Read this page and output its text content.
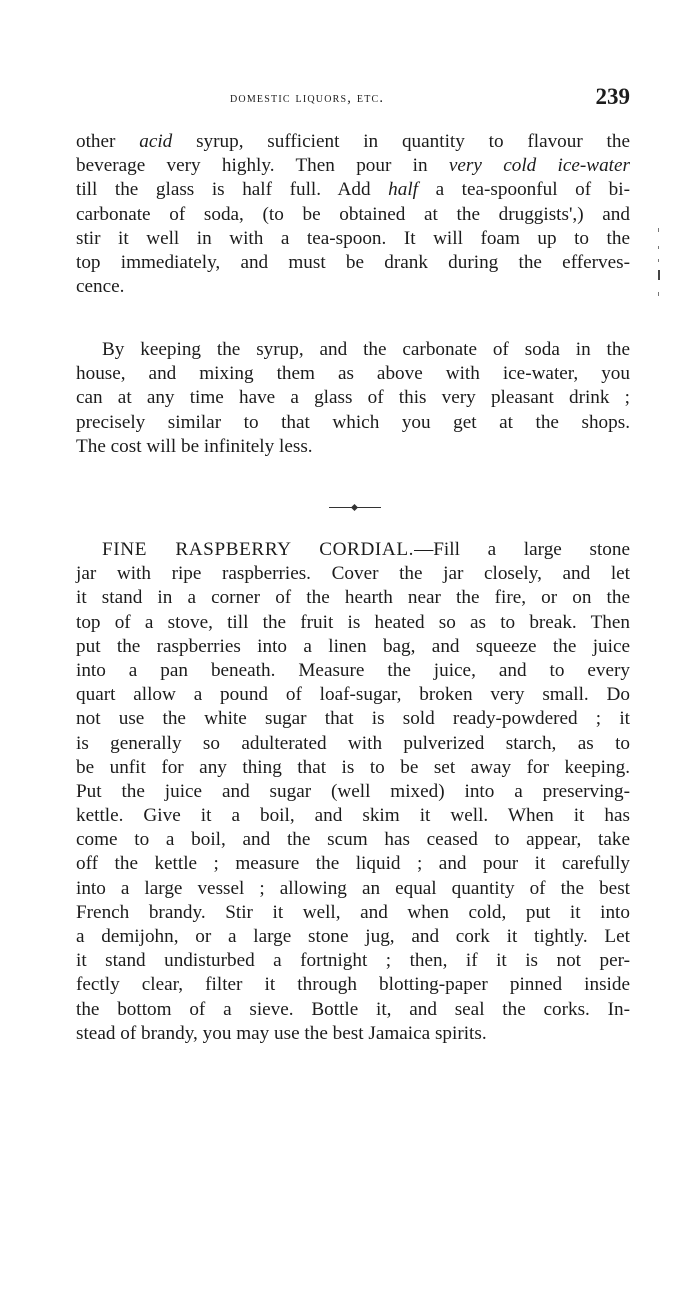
domestic liquors, etc.	239
other acid syrup, sufficient in quantity to flavour the
beverage very highly. Then pour in very cold ice-water
till the glass is half full. Add half a tea-spoonful of bi-
carbonate of soda, (to be obtained at the druggists',) and
stir it well in with a tea-spoon. It will foam up to the
top immediately, and must be drank during the efferves-
cence.
By keeping the syrup, and the carbonate of soda in the
house, and mixing them as above with ice-water, you
can at any time have a glass of this very pleasant drink ;
precisely similar to that which you get at the shops.
The cost will be infinitely less.
FINE RASPBERRY CORDIAL.—Fill a large stone
jar with ripe raspberries. Cover the jar closely, and let
it stand in a corner of the hearth near the fire, or on the
top of a stove, till the fruit is heated so as to break. Then
put the raspberries into a linen bag, and squeeze the juice
into a pan beneath. Measure the juice, and to every
quart allow a pound of loaf-sugar, broken very small. Do
not use the white sugar that is sold ready-powdered ; it
is generally so adulterated with pulverized starch, as to
be unfit for any thing that is to be set away for keeping.
Put the juice and sugar (well mixed) into a preserving-
kettle. Give it a boil, and skim it well. When it has
come to a boil, and the scum has ceased to appear, take
off the kettle ; measure the liquid ; and pour it carefully
into a large vessel ; allowing an equal quantity of the best
French brandy. Stir it well, and when cold, put it into
a demijohn, or a large stone jug, and cork it tightly. Let
it stand undisturbed a fortnight ; then, if it is not per-
fectly clear, filter it through blotting-paper pinned inside
the bottom of a sieve. Bottle it, and seal the corks. In-
stead of brandy, you may use the best Jamaica spirits.
